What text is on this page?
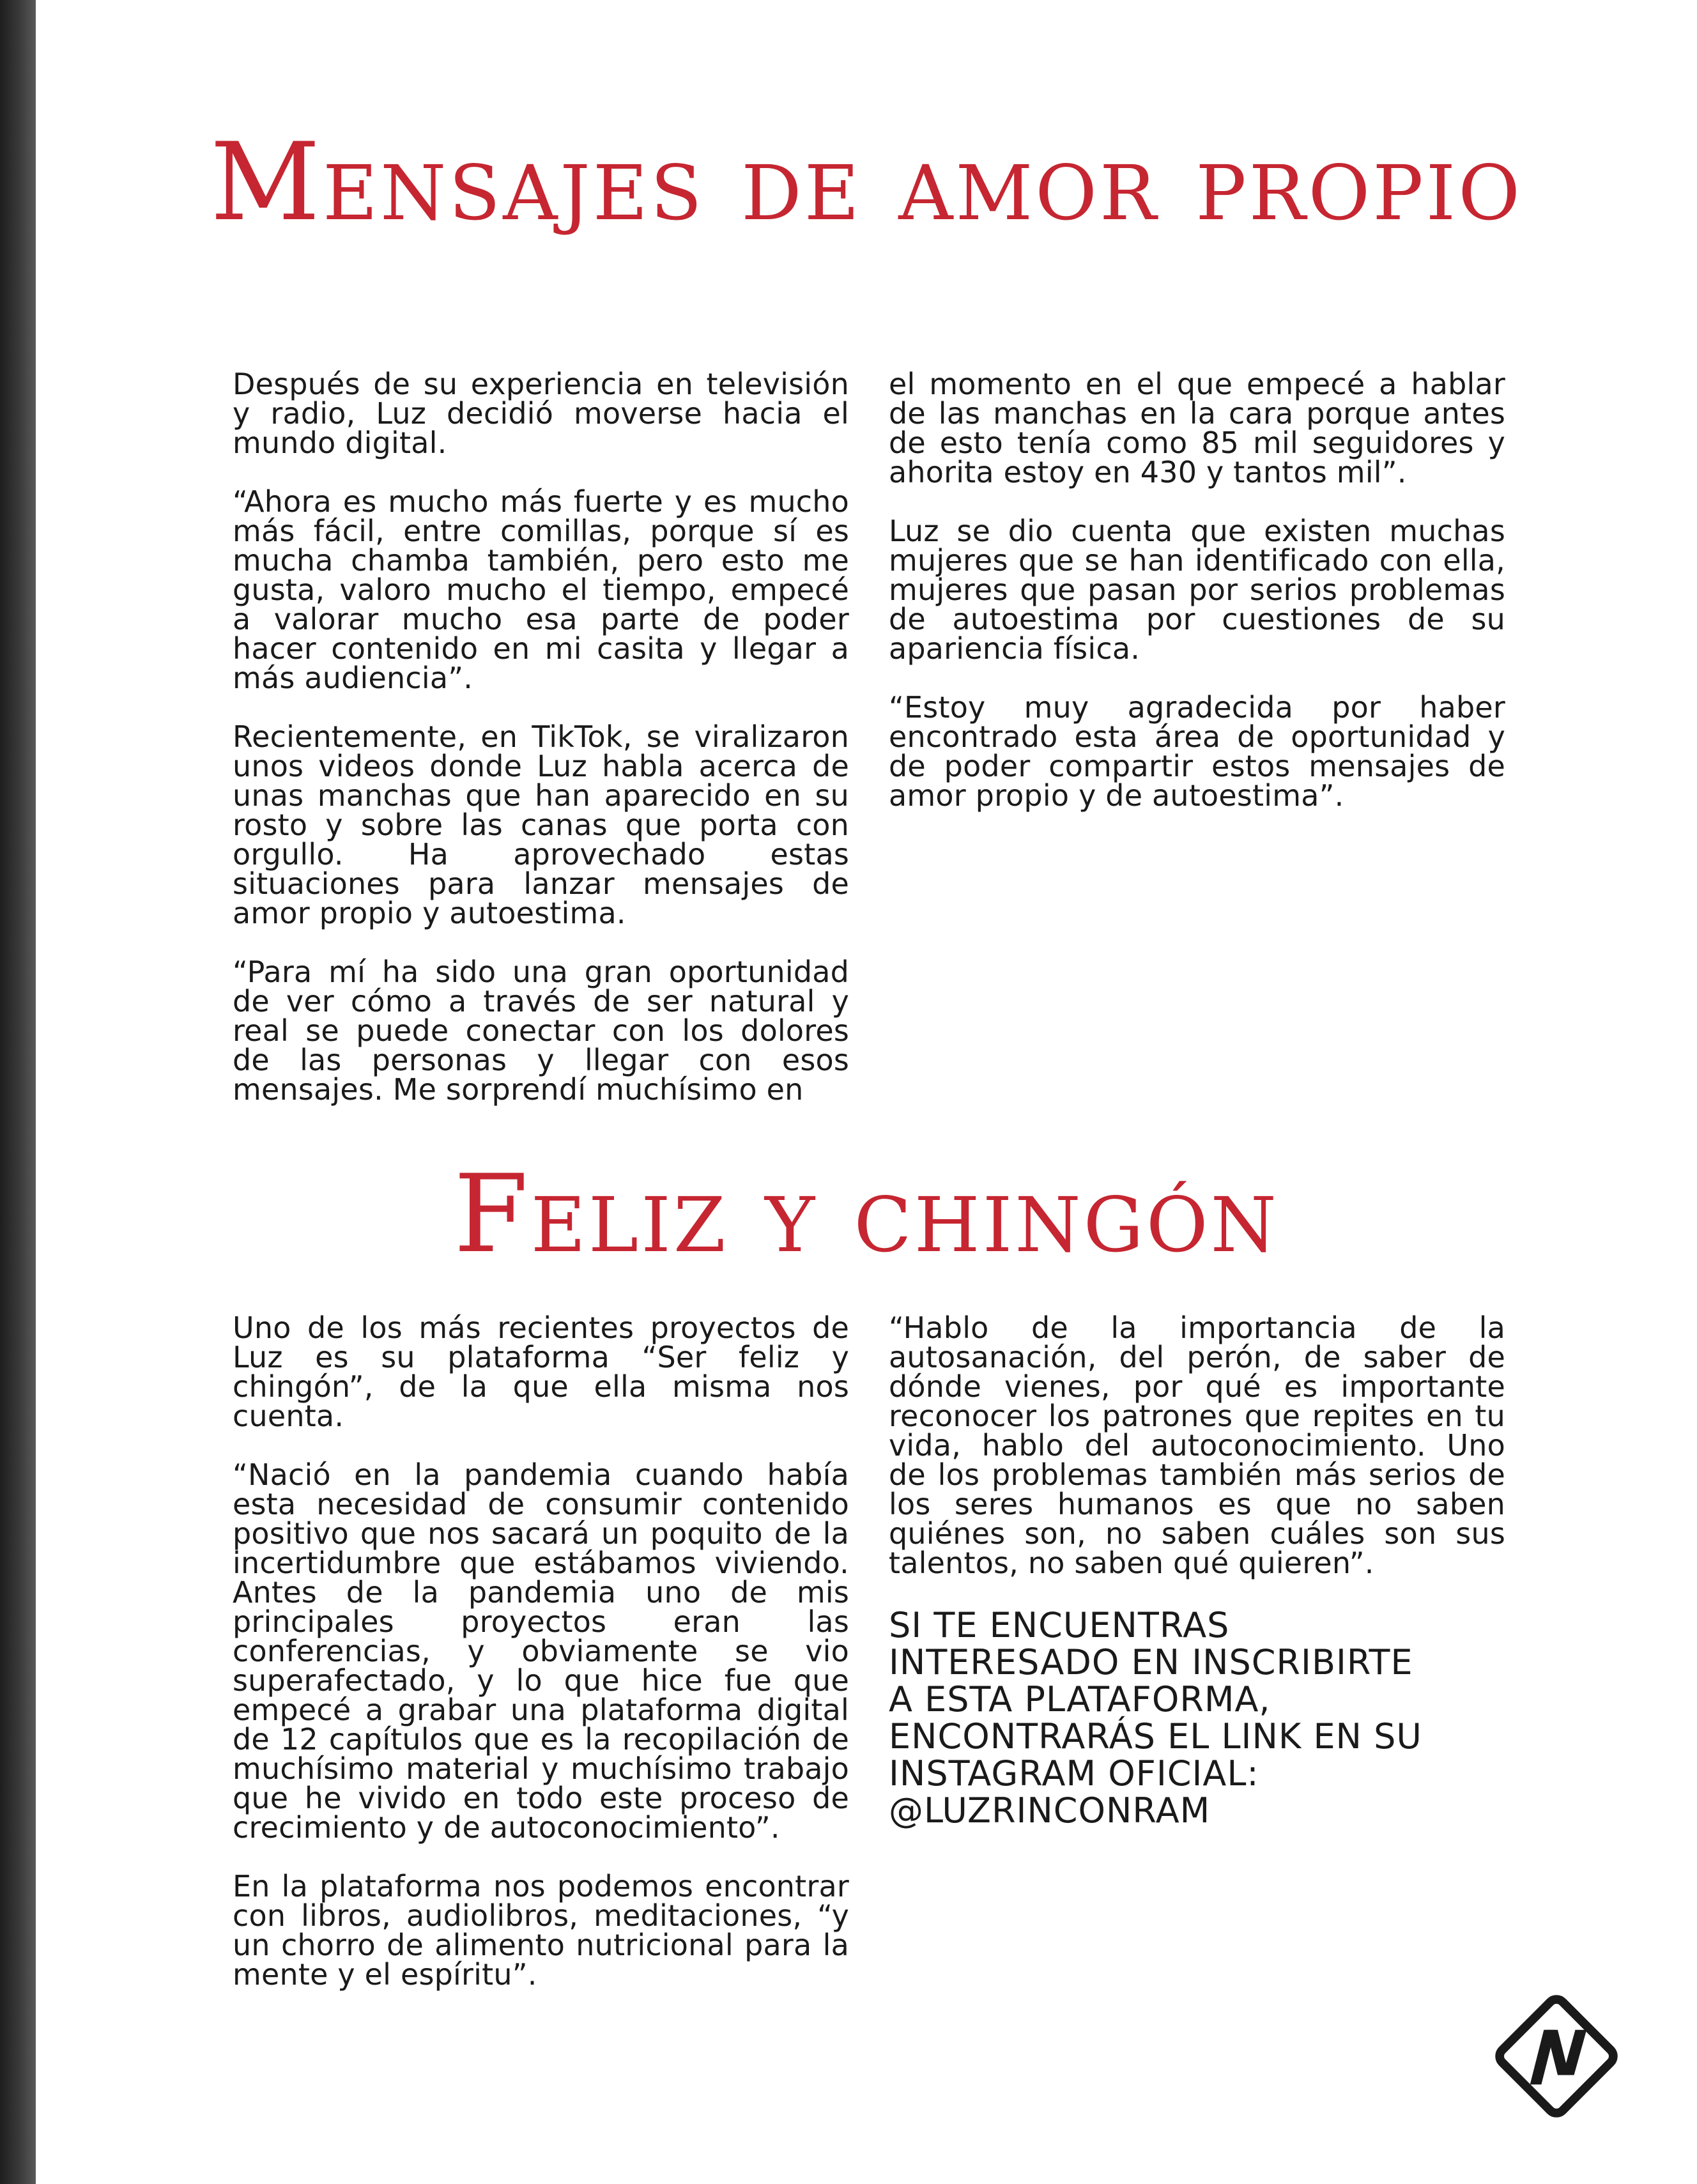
Mensajes de amor propio

Después de su experiencia en televisión y radio, Luz decidió moverse hacia el mundo digital.

“Ahora es mucho más fuerte y es mucho más fácil, entre comillas, porque sí es mucha chamba también, pero esto me gusta, valoro mucho el tiempo, empecé a valorar mucho esa parte de poder hacer contenido en mi casita y llegar a más audiencia”.

Recientemente, en TikTok, se viralizaron unos videos donde Luz habla acerca de unas manchas que han aparecido en su rosto y sobre las canas que porta con orgullo. Ha aprovechado estas situaciones para lanzar mensajes de amor propio y autoestima.

“Para mí ha sido una gran oportunidad de ver cómo a través de ser natural y real se puede conectar con los dolores de las personas y llegar con esos mensajes. Me sorprendí muchísimo en

el momento en el que empecé a hablar de las manchas en la cara porque antes de esto tenía como 85 mil seguidores y ahorita estoy en 430 y tantos mil”.

Luz se dio cuenta que existen muchas mujeres que se han identificado con ella, mujeres que pasan por serios problemas de autoestima por cuestiones de su apariencia física.

“Estoy muy agradecida por haber encontrado esta área de oportunidad y de poder compartir estos mensajes de amor propio y de autoestima”.

Feliz y chingón

Uno de los más recientes proyectos de Luz es su plataforma “Ser feliz y chingón”, de la que ella misma nos cuenta.

“Nació en la pandemia cuando había esta necesidad de consumir contenido positivo que nos sacará un poquito de la incertidumbre que estábamos viviendo. Antes de la pandemia uno de mis principales proyectos eran las conferencias, y obviamente se vio superafectado, y lo que hice fue que empecé a grabar una plataforma digital de 12 capítulos que es la recopilación de muchísimo material y muchísimo trabajo que he vivido en todo este proceso de crecimiento y de autoconocimiento”.

En la plataforma nos podemos encontrar con libros, audiolibros, meditaciones, “y un chorro de alimento nutricional para la mente y el espíritu”.

“Hablo de la importancia de la autosanación, del perón, de saber de dónde vienes, por qué es importante reconocer los patrones que repites en tu vida, hablo del autoconocimiento. Uno de los problemas también más serios de los seres humanos es que no saben quiénes son, no saben cuáles son sus talentos, no saben qué quieren”.

SI TE ENCUENTRAS
INTERESADO EN INSCRIBIRTE
A ESTA PLATAFORMA,
ENCONTRARÁS EL LINK EN SU
INSTAGRAM OFICIAL:
@LUZRINCONRAM
